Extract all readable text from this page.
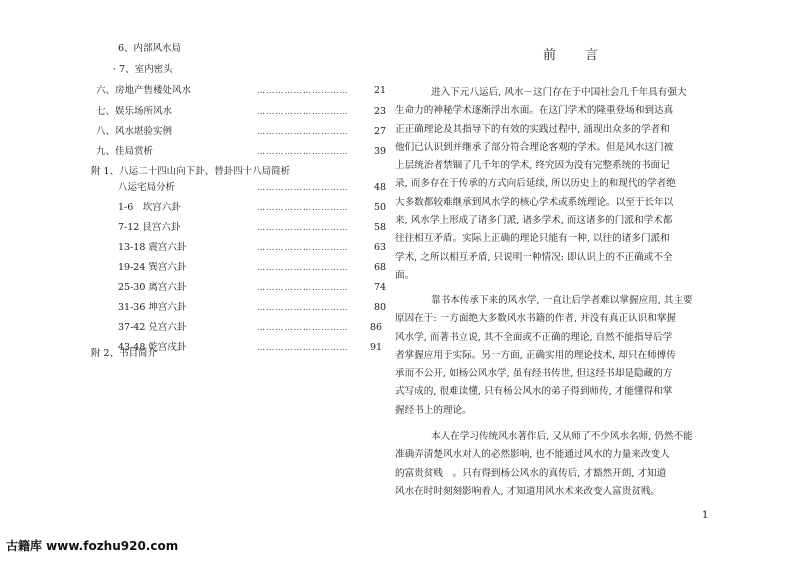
6、内部风水局
· 7、室内密头
六、房地产售楼处风水	…………………………	21
七、娱乐场所风水	…………………………	23
八、风水堪验实例	…………………………	27
九、佳局赏析	…………………………	39
附 1、八运二十四山向下卦、替卦四十八局简析
八运宅局分析	…………………………	48
1-6　坎宫六卦	…………………………	50
7-12 艮宫六卦	…………………………	58
13-18 震宫六卦	…………………………	63
19-24 巽宫六卦	…………………………	68
25-30 离宫六卦	…………………………	74
31-36 坤宫六卦	…………………………	80
37-42 兑宫六卦	…………………………	86
43-48 乾宫戌卦	…………………………	91
附 2、书目简介
前　言
进入下元八运后, 风水－这门存在于中国社会几千年具有强大
生命力的神秘学术逐渐浮出水面。在这门学术的隆重登场和到达真
正正确理论及其指导下的有效的实践过程中, 涌现出众多的学者和
他们已认识到并继承了部分符合理论客观的学术。但是风水这门被
上层统治者禁锢了几千年的学术, 终究因为没有完整系统的书面记
录, 而多存在于传承的方式向后延续, 所以历史上的和现代的学者绝
大多数都较难继承到风水学的核心学术或系统理论。以至于长年以
来, 风水学上形成了诸多门派, 诸多学术, 而这诸多的门派和学术都
往往相互矛盾。实际上正确的理论只能有一种, 以往的诸多门派和
学术, 之所以相互矛盾, 只说明一种情况: 即认识上的不正确或不全
面。
靠书本传承下来的风水学, 一直让后学者难以掌握应用, 其主要
原因在于: 一方面绝大多数风水书籍的作者, 并没有真正认识和掌握
风水学, 而著书立说, 其不全面或不正确的理论, 自然不能指导后学
者掌握应用于实际。另一方面, 正确实用的理论技术, 却只在师傅传
承而不公开, 如杨公风水学, 虽有经书传世, 但这经书却是隐藏的方
式写成的, 很难读懂, 只有杨公风水的弟子得到师传, 才能懂得和掌
握经书上的理论。
本人在学习传统风水著作后, 又从师了不少风水名师, 仍然不能
准确弄清楚风水对人的必然影响, 也不能通过风水的力量来改变人
的富贵贫贱　。只有得到杨公风水的真传后, 才豁然开朗, 才知道
风水在时时刻刻影响着人, 才知道用风水术来改变人富贵贫贱。
1
古籍库 www.fozhu920.com
